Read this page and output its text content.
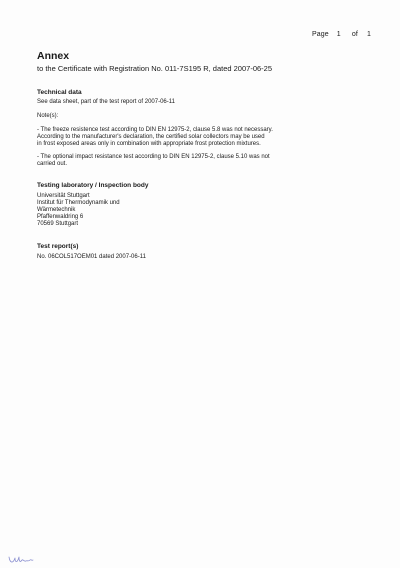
Page 1 of 1
Annex

to the Certificate with Registration No. 011-7S195 R, dated 2007-06-25

Technical data

See data sheet, part of the test report of 2007-06-11

Note(s):

- The freeze resistence test according to DIN EN 12975-2, clause 5.8 was not necessary.
According to the manufacturer's declaration, the certified solar collectors may be used
in frost exposed areas only in combination with appropriate frost protection mixtures.

- The optional impact resistance test according to DIN EN 12975-2, clause 5.10 was not
carried out.

Testing laboratory / Inspection body

Universität Stuttgart

Institut für Thermodynamik und

Wärmetechnik

Pfaffenwaldring 6

70569 Stuttgart

Test report(s)

No. 06COL517OEM01 dated 2007-06-11
